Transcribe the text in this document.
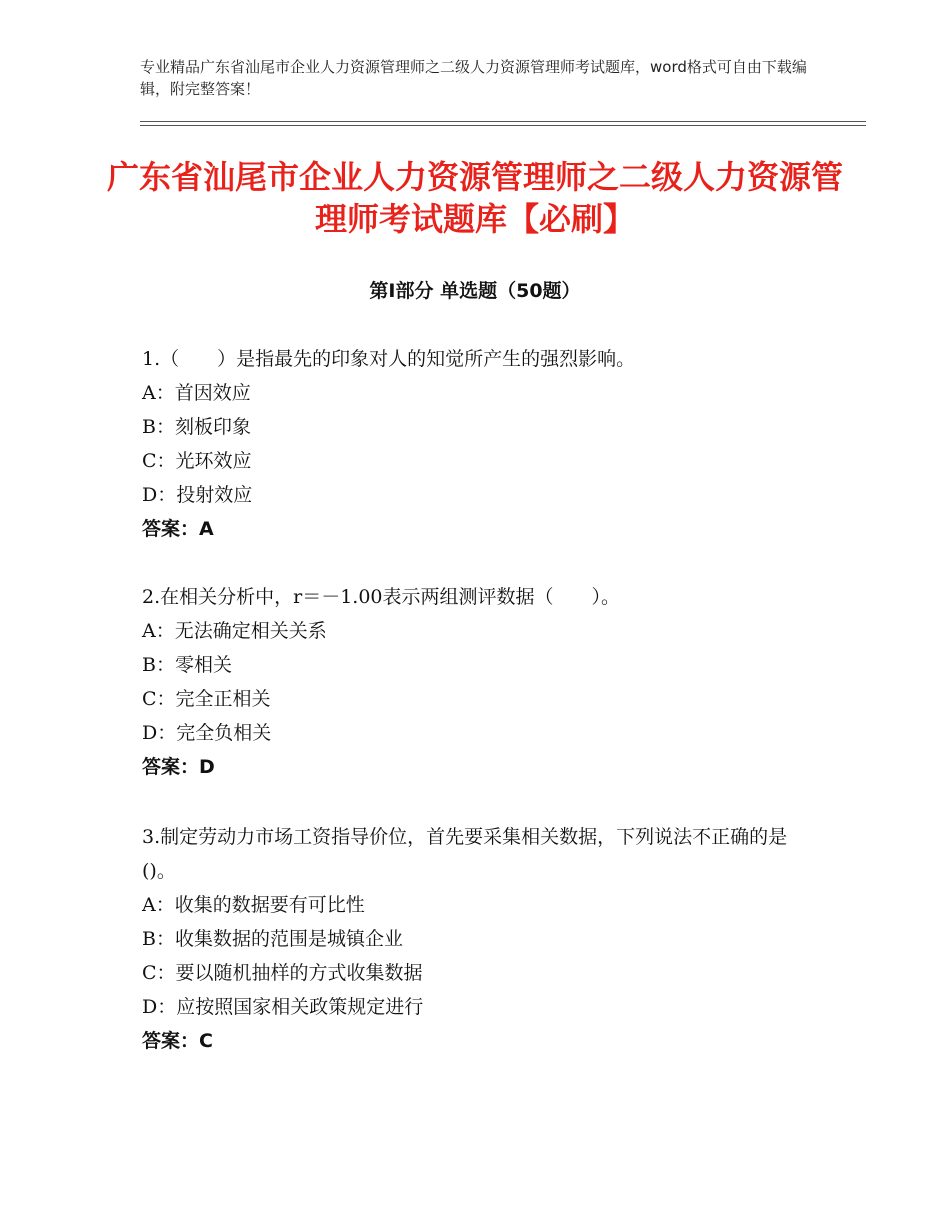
专业精品广东省汕尾市企业人力资源管理师之二级人力资源管理师考试题库，word格式可自由下载编辑，附完整答案！
广东省汕尾市企业人力资源管理师之二级人力资源管理师考试题库【必刷】
第Ⅰ部分 单选题（50题）
1.（　　）是指最先的印象对人的知觉所产生的强烈影响。
A：首因效应
B：刻板印象
C：光环效应
D：投射效应
答案：A
2.在相关分析中，r＝－1.00表示两组测评数据（　　）。
A：无法确定相关关系
B：零相关
C：完全正相关
D：完全负相关
答案：D
3.制定劳动力市场工资指导价位，首先要采集相关数据，下列说法不正确的是()。
A：收集的数据要有可比性
B：收集数据的范围是城镇企业
C：要以随机抽样的方式收集数据
D：应按照国家相关政策规定进行
答案：C
